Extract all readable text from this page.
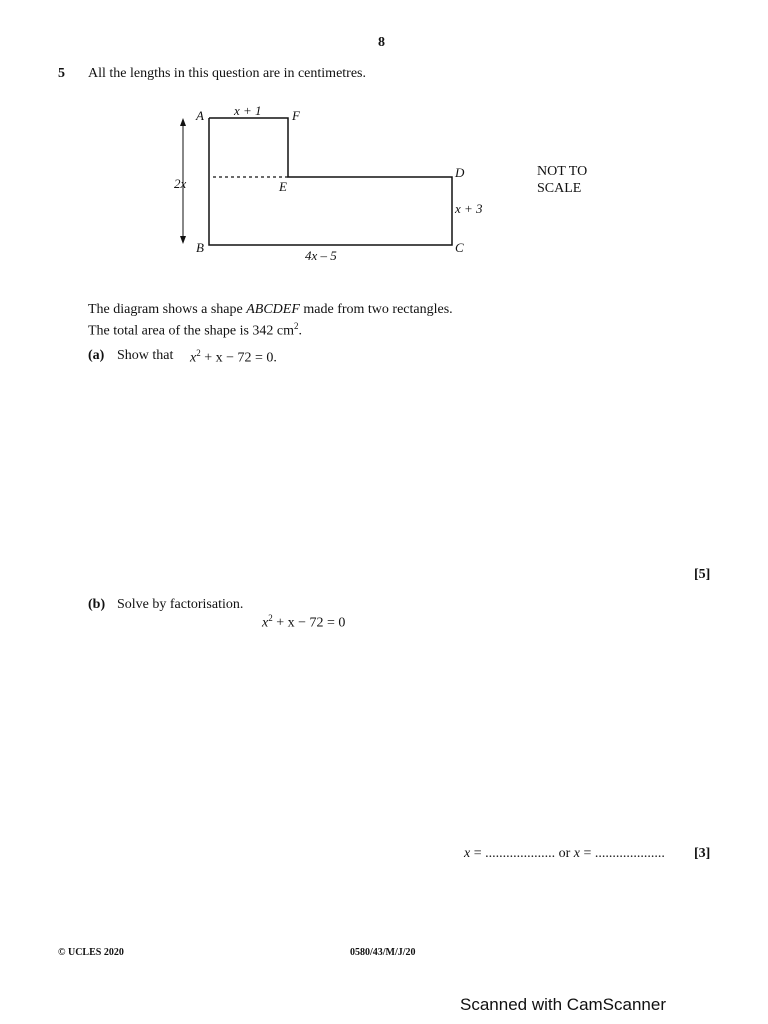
8
5 All the lengths in this question are in centimetres.
A	F
D
E
B	C
x + 1
2x
x + 3
4x – 5
NOT TO
SCALE
The diagram shows a shape ABCDEF made from two rectangles.
The total area of the shape is 342 $cm^2$.
(a) Show that $x^2 + x - 72 = 0$.
[5]
(b) Solve by factorisation.
$x^2 + x - 72 = 0$
x = .................... or x = .................... [3]
© UCLES 2020	0580/43/M/J/20
Scanned with CamScanner
